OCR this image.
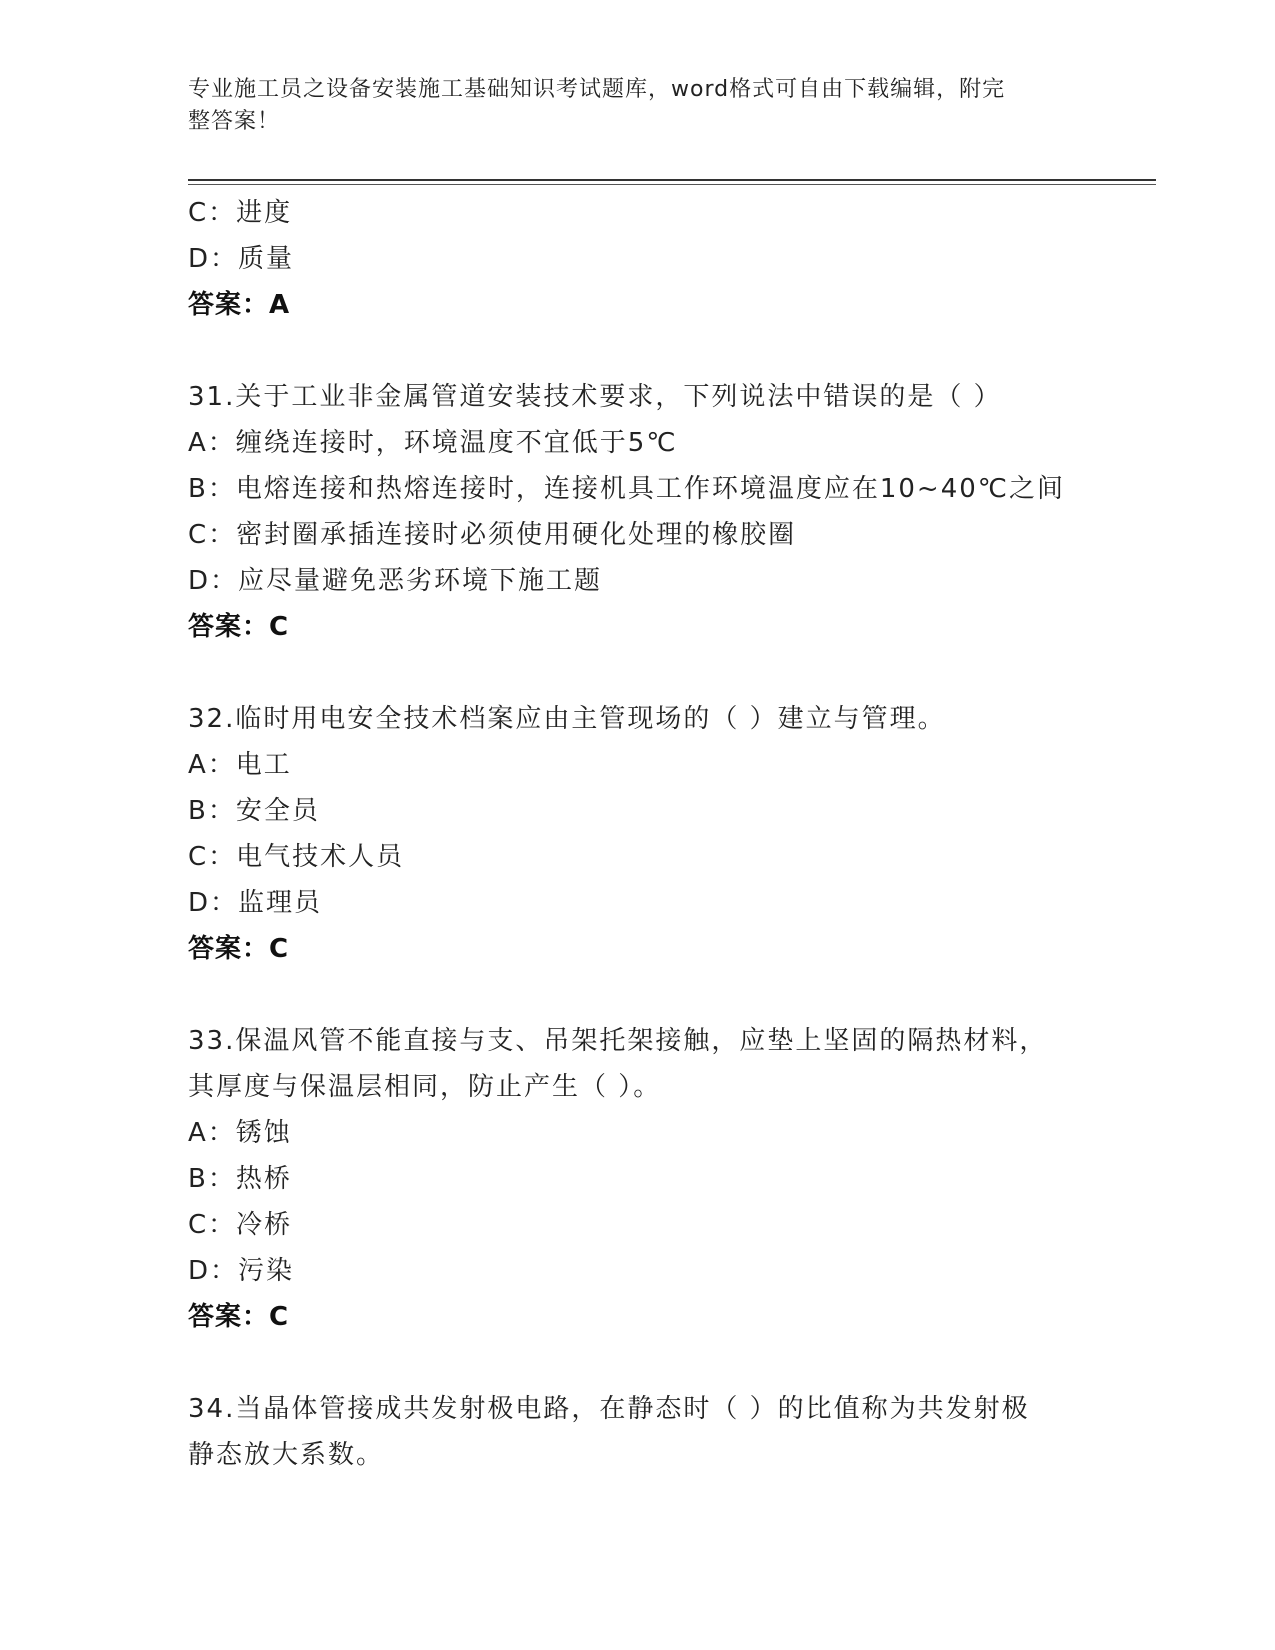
专业施工员之设备安装施工基础知识考试题库，word格式可自由下载编辑，附完
整答案！
C：进度
D：质量
答案：A
31.关于工业非金属管道安装技术要求，下列说法中错误的是（ ）
A：缠绕连接时，环境温度不宜低于5℃
B：电熔连接和热熔连接时，连接机具工作环境温度应在10~40℃之间
C：密封圈承插连接时必须使用硬化处理的橡胶圈
D：应尽量避免恶劣环境下施工题
答案：C
32.临时用电安全技术档案应由主管现场的（ ）建立与管理。
A：电工
B：安全员
C：电气技术人员
D：监理员
答案：C
33.保温风管不能直接与支、吊架托架接触，应垫上坚固的隔热材料，
其厚度与保温层相同，防止产生（ ）。
A：锈蚀
B：热桥
C：冷桥
D：污染
答案：C
34.当晶体管接成共发射极电路，在静态时（ ）的比值称为共发射极
静态放大系数。
